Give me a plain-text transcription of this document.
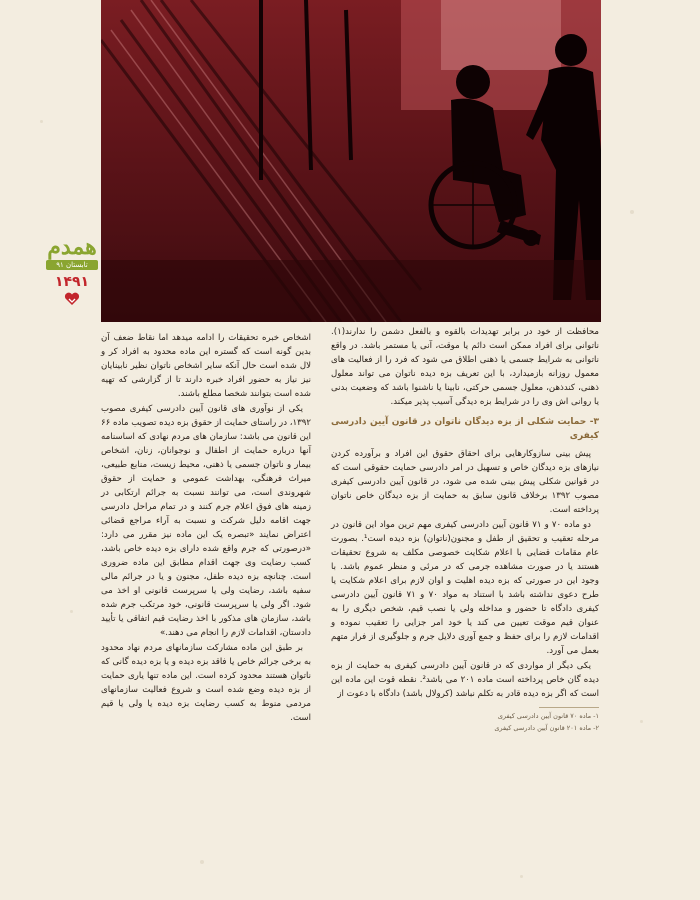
همدم
تابستان ۹۱
۱۴۹۱

محافظت از خود در برابر تهدیدات بالقوه و بالفعل دشمن را ندارند(۱). ناتوانی برای افراد ممکن است دائم یا موقت، آنی یا مستمر باشد. در واقع ناتوانی به شرایط جسمی یا ذهنی اطلاق می شود که فرد را از فعالیت های معمول روزانه بازمیدارد، با این تعریف بزه دیده ناتوان می تواند معلول ذهنی، کندذهن، معلول جسمی حرکتی، نابینا یا ناشنوا باشد که وضعیت بدنی یا روانی اش وی را در شرایط بزه دیدگی آسیب پذیر میکند.

۳- حمایت شکلی از بزه دیدگان ناتوان در قانون آیین دادرسی کیفری

پیش بینی سازوکارهایی برای احقاق حقوق این افراد و برآورده کردن نیازهای بزه دیدگان خاص و تسهیل در امر دادرسی حمایت حقوقی است که در قوانین شکلی پیش بینی شده می شود، در قانون آیین دادرسی کیفری مصوب ۱۳۹۲ برخلاف قانون سابق به حمایت از بزه دیدگان خاص ناتوان پرداخته است.

دو ماده ۷۰ و ۷۱ قانون آیین دادرسی کیفری مهم ترین مواد این قانون در مرحله تعقیب و تحقیق از طفل و مجنون(ناتوان) بزه دیده است¹. بصورت عام مقامات قضایی با اعلام شکایت خصوصی مکلف به شروع تحقیقات هستند یا در صورت مشاهده جرمی که در مرئی و منظر عموم باشد. با وجود این در صورتی که بزه دیده اهلیت و اوان لازم برای اعلام شکایت یا طرح دعوی نداشته باشد با استناد به مواد ۷۰ و ۷۱ قانون آیین دادرسی کیفری دادگاه تا حضور و مداخله ولی یا نصب قیم، شخص دیگری را به عنوان قیم موقت تعیین می کند یا خود امر جزایی را تعقیب نموده و اقدامات لازم را برای حفظ و جمع آوری دلایل جرم و جلوگیری از فرار متهم بعمل می آورد.

یکی دیگر از مواردی که در قانون آیین دادرسی کیفری به حمایت از بزه دیده گان خاص پرداخته است ماده ۲۰۱ می باشد². نقطه قوت این ماده این است که اگر بزه دیده قادر به تکلم نباشد (کرولال باشد) دادگاه با دعوت از

۱- ماده ۷۰ قانون آیین دادرسی کیفری

۲- ماده ۲۰۱ قانون آیین دادرسی کیفری

اشخاص خبره تحقیقات را ادامه میدهد اما نقاط ضعف آن بدین گونه است که گستره این ماده محدود به افراد کر و لال شده است حال آنکه سایر اشخاص ناتوان نظیر نابینایان نیز نیاز به حضور افراد خبره دارند تا از گزارشی که تهیه شده است بتوانند شخصا مطلع باشند.

یکی از نوآوری های قانون آیین دادرسی کیفری مصوب ۱۳۹۲، در راستای حمایت از حقوق بزه دیده تصویب ماده ۶۶ این قانون می باشد: سازمان های مردم نهادی که اساسنامه آنها درباره حمایت از اطفال و نوجوانان، زنان، اشخاص بیمار و ناتوان جسمی یا ذهنی، محیط زیست، منابع طبیعی، میراث فرهنگی، بهداشت عمومی و حمایت از حقوق شهروندی است، می توانند نسبت به جرائم ارتکابی در زمینه های فوق اعلام جرم کنند و در تمام مراحل دادرسی جهت اقامه دلیل شرکت و نسبت به آراء مراجع قضائی اعتراض نمایند «تبصره یک این ماده نیز مقرر می دارد: «درصورتی که جرم واقع شده دارای بزه دیده خاص باشد، کسب رضایت وی جهت اقدام مطابق این ماده ضروری است. چنانچه بزه دیده طفل، مجنون و یا در جرائم مالی سفیه باشد، رضایت ولی یا سرپرست قانونی او اخذ می شود. اگر ولی یا سرپرست قانونی، خود مرتکب جرم شده باشد، سازمان های مذکور با اخذ رضایت قیم اتفاقی یا تأیید دادستان، اقدامات لازم را انجام می دهند.»

بر طبق این ماده مشارکت سازمانهای مردم نهاد محدود به برخی جرائم خاص یا فاقد بزه دیده و یا بزه دیده گانی که ناتوان هستند محدود کرده است. این ماده تنها یاری حمایت از بزه دیده وضع شده است و شروع فعالیت سازمانهای مردمی منوط به کسب رضایت بزه دیده یا ولی یا قیم است.
